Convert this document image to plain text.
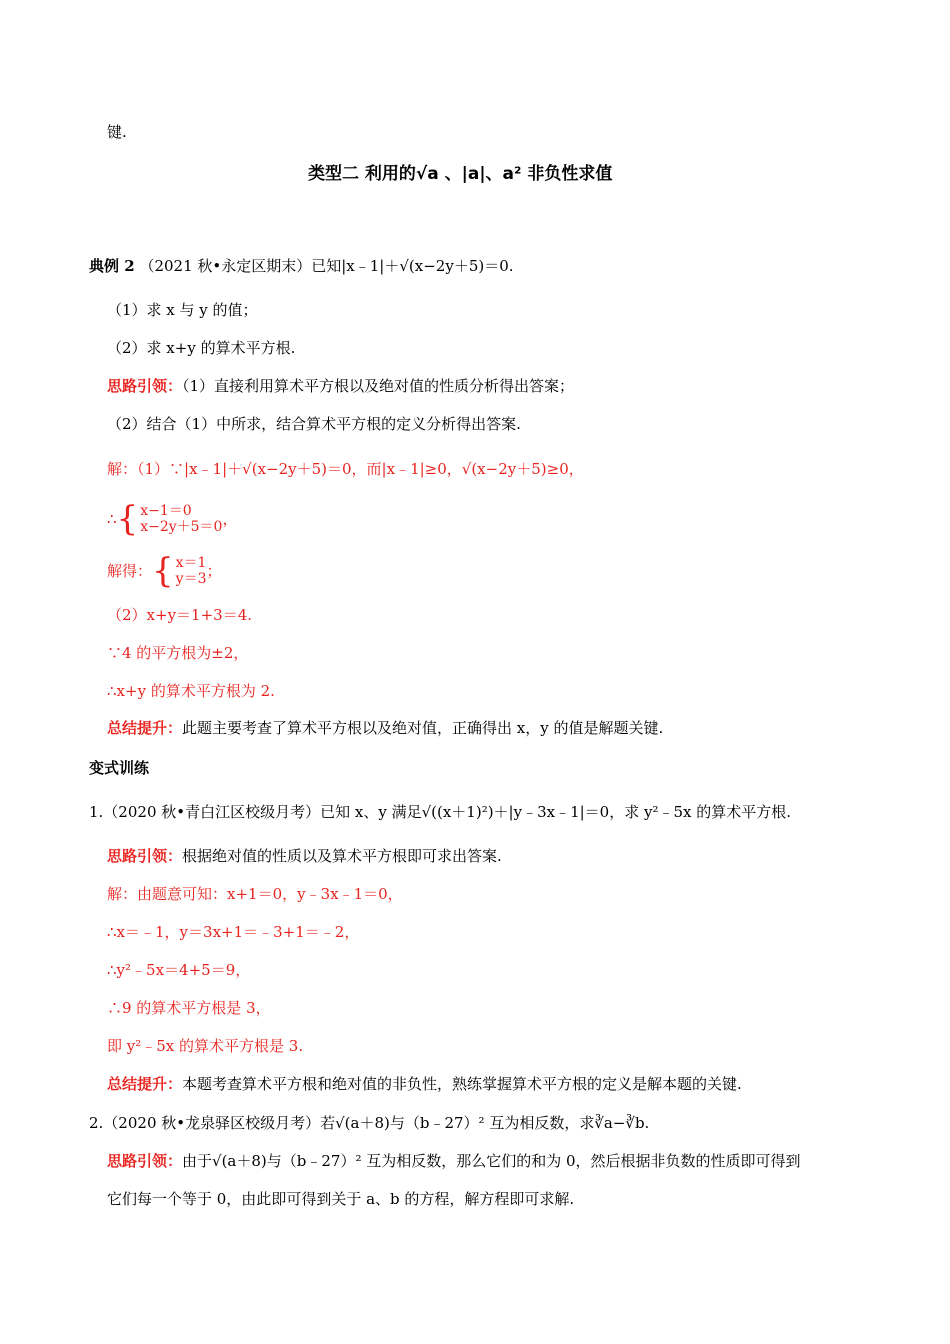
键.
类型二 利用的√a 、|a|、a² 非负性求值
典例 2 （2021 秋•永定区期末）已知|x﹣1|＋√(x−2y＋5)＝0.
（1）求 x 与 y 的值；
（2）求 x+y 的算术平方根.
思路引领：（1）直接利用算术平方根以及绝对值的性质分析得出答案；
（2）结合（1）中所求，结合算术平方根的定义分析得出答案.
解：（1）∵|x﹣1|＋√(x−2y＋5)＝0，而|x﹣1|≥0，√(x−2y＋5)≥0，
∴ { x−1＝0
x−2y＋5＝0 ，
解得： { x＝1
y＝3 ；
（2）x+y＝1+3＝4.
∵4 的平方根为±2，
∴x+y 的算术平方根为 2.
总结提升：此题主要考查了算术平方根以及绝对值，正确得出 x，y 的值是解题关键.
变式训练
1.（2020 秋•青白江区校级月考）已知 x、y 满足√((x＋1)²)＋|y﹣3x﹣1|＝0，求 y²﹣5x 的算术平方根.
思路引领：根据绝对值的性质以及算术平方根即可求出答案.
解：由题意可知：x+1＝0，y﹣3x﹣1＝0，
∴x＝﹣1，y＝3x+1＝﹣3+1＝﹣2，
∴y²﹣5x＝4+5＝9，
∴9 的算术平方根是 3，
即 y²﹣5x 的算术平方根是 3.
总结提升：本题考查算术平方根和绝对值的非负性，熟练掌握算术平方根的定义是解本题的关键.
2.（2020 秋•龙泉驿区校级月考）若√(a＋8)与（b﹣27）² 互为相反数，求∛a−∛b.
思路引领：由于√(a＋8)与（b﹣27）² 互为相反数，那么它们的和为 0，然后根据非负数的性质即可得到
它们每一个等于 0，由此即可得到关于 a、b 的方程，解方程即可求解.
